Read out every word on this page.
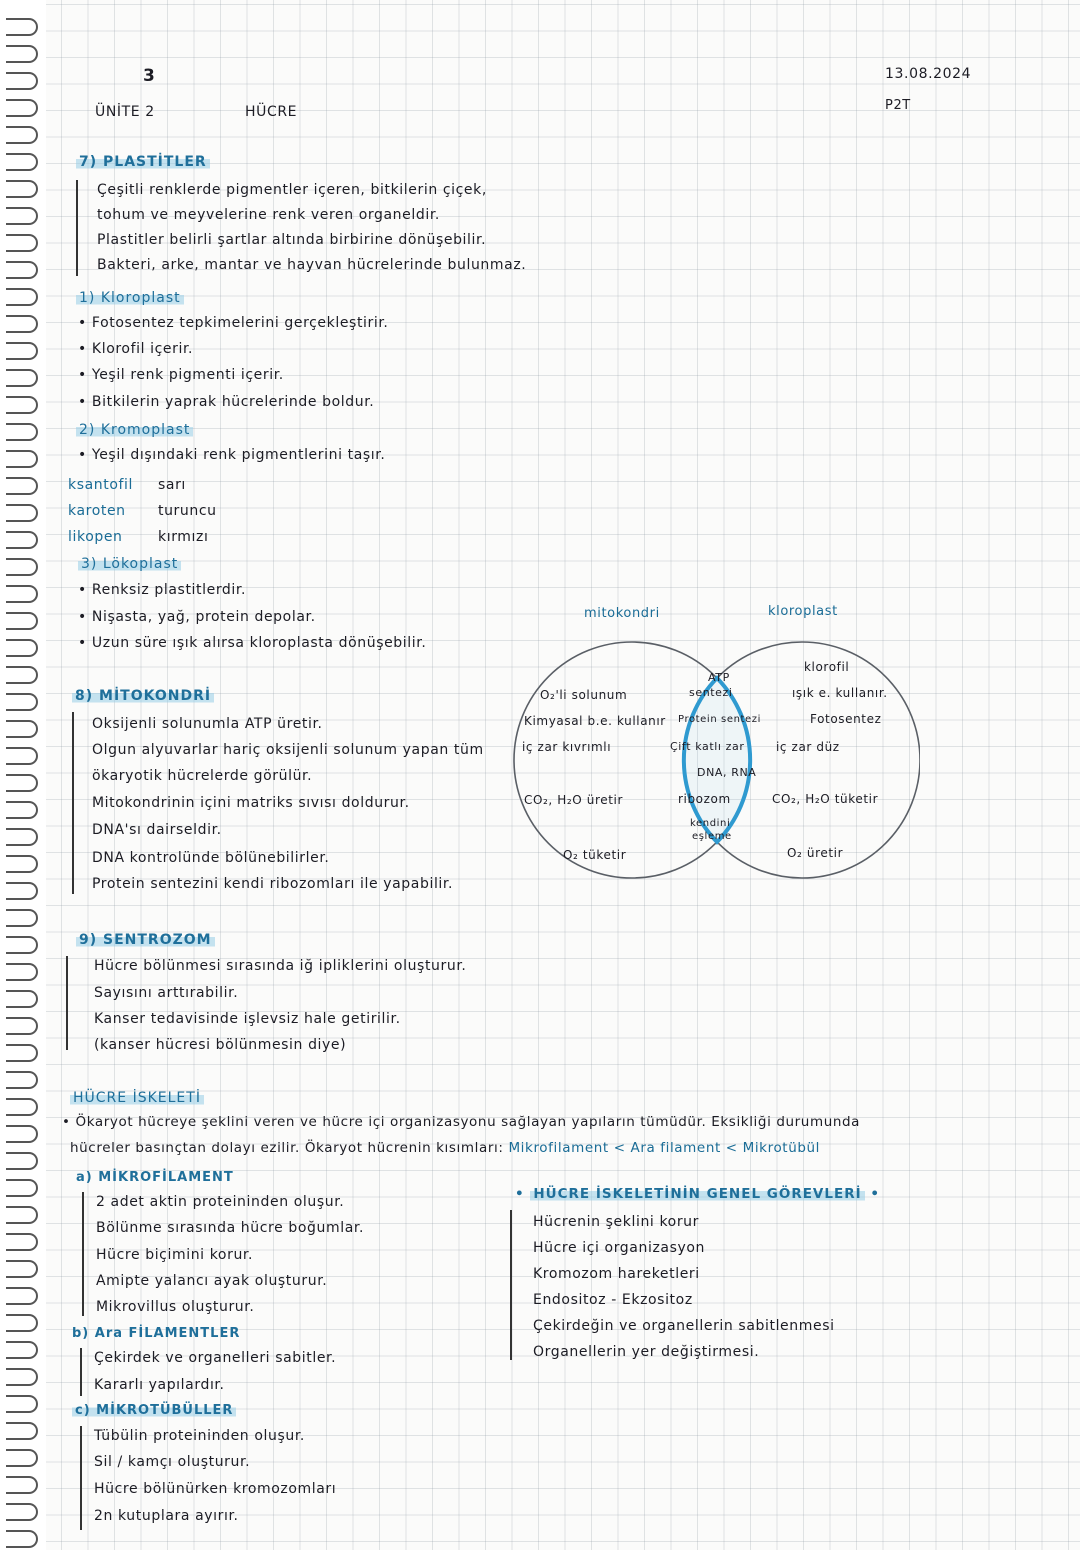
3	13.08.2024
P2T
ÜNİTE 2	HÜCRE
7) PLASTİTLER
Çeşitli renklerde pigmentler içeren, bitkilerin çiçek,
tohum ve meyvelerine renk veren organeldir.
Plastitler belirli şartlar altında birbirine dönüşebilir.
Bakteri, arke, mantar ve hayvan hücrelerinde bulunmaz.
1) Kloroplast
• Fotosentez tepkimelerini gerçekleştirir.
• Klorofil içerir.
• Yeşil renk pigmenti içerir.
• Bitkilerin yaprak hücrelerinde boldur.
2) Kromoplast
• Yeşil dışındaki renk pigmentlerini taşır.
ksantofil sarı
karoten turuncu
likopen	kırmızı
3) Lökoplast
• Renksiz plastitlerdir.
• Nişasta, yağ, protein depolar.
• Uzun süre ışık alırsa kloroplasta dönüşebilir.
8) MİTOKONDRİ
Oksijenli solunumla ATP üretir.
Olgun alyuvarlar hariç oksijenli solunum yapan tüm
ökaryotik hücrelerde görülür.
Mitokondrinin içini matriks sıvısı doldurur.
DNA'sı dairseldir.
DNA kontrolünde bölünebilirler.
Protein sentezini kendi ribozomları ile yapabilir.
mitokondri	kloroplast
O₂'li solunum
Kimyasal b.e. kullanır
iç zar kıvrımlı
CO₂, H₂O üretir
O₂ tüketir
ATP
sentezi
Protein sentezi
Çift katlı zar
DNA, RNA
ribozom
kendini
eşleme
klorofil
ışık e. kullanır.
Fotosentez
iç zar düz
CO₂, H₂O tüketir
O₂ üretir
9) SENTROZOM
Hücre bölünmesi sırasında iğ ipliklerini oluşturur.
Sayısını arttırabilir.
Kanser tedavisinde işlevsiz hale getirilir.
(kanser hücresi bölünmesin diye)
HÜCRE İSKELETİ
• Ökaryot hücreye şeklini veren ve hücre içi organizasyonu sağlayan yapıların tümüdür. Eksikliği durumunda
hücreler basınçtan dolayı ezilir. Ökaryot hücrenin kısımları: Mikrofilament < Ara filament < Mikrotübül
a) MİKROFİLAMENT
2 adet aktin proteininden oluşur.
Bölünme sırasında hücre boğumlar.
Hücre biçimini korur.
Amipte yalancı ayak oluşturur.
Mikrovillus oluşturur.
b) Ara FİLAMENTLER
Çekirdek ve organelleri sabitler.
Kararlı yapılardır.
c) MİKROTÜBÜLLER
Tübülin proteininden oluşur.
Sil / kamçı oluşturur.
Hücre bölünürken kromozomları
2n kutuplara ayırır.
• HÜCRE İSKELETİNİN GENEL GÖREVLERİ •
Hücrenin şeklini korur
Hücre içi organizasyon
Kromozom hareketleri
Endositoz - Ekzositoz
Çekirdeğin ve organellerin sabitlenmesi
Organellerin yer değiştirmesi.
